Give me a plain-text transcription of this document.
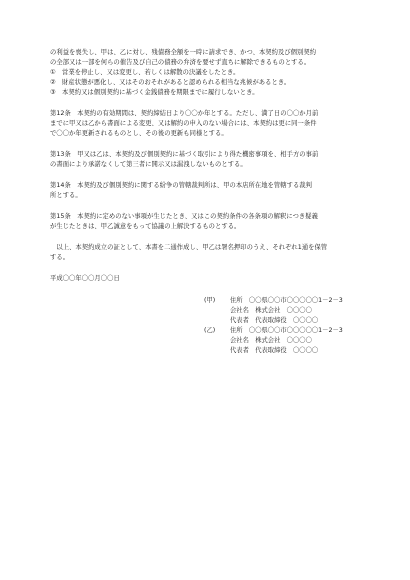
の利益を喪失し、甲は、乙に対し、残債務全額を一時に請求でき、かつ、本契約及び個別契約
の全部又は一部を何らの催告及び自己の債務の弁済を要せず直ちに解除できるものとする。
①　営業を停止し、又は変更し、若しくは解散の決議をしたとき。
②　財産状態が悪化し、又はそのおそれがあると認められる相当な兆候があるとき。
③　本契約又は個別契約に基づく金銭債務を期限までに履行しないとき。
第12条　本契約の有効期間は、契約締結日より〇〇か年とする。ただし、満了日の〇〇か月前
までに甲又は乙から書面による変更、又は解約の申入のない場合には、本契約は更に同一条件
で〇〇か年更新されるものとし、その後の更新も同様とする。
第13条　甲又は乙は、本契約及び個別契約に基づく取引により得た機密事項を、相手方の事前
の書面により承諾なくして第三者に開示又は漏洩しないものとする。
第14条　本契約及び個別契約に関する紛争の管轄裁判所は、甲の本店所在地を管轄する裁判
所とする。
第15条　本契約に定めのない事項が生じたとき、又はこの契約条件の各条項の解釈につき疑義
が生じたときは、甲乙誠意をもって協議の上解決するものとする。
　以上、本契約成立の証として、本書を二通作成し、甲乙は署名押印のうえ、それぞれ1通を保管
する。
平成〇〇年〇〇月〇〇日
(甲) 住所　〇〇県〇〇市〇〇〇〇〇1－2－3
会社名　株式会社　〇〇〇〇
代表者　代表取締役　〇〇〇〇
(乙) 住所　〇〇県〇〇市〇〇〇〇〇1－2－3
会社名　株式会社　〇〇〇〇
代表者　代表取締役　〇〇〇〇
